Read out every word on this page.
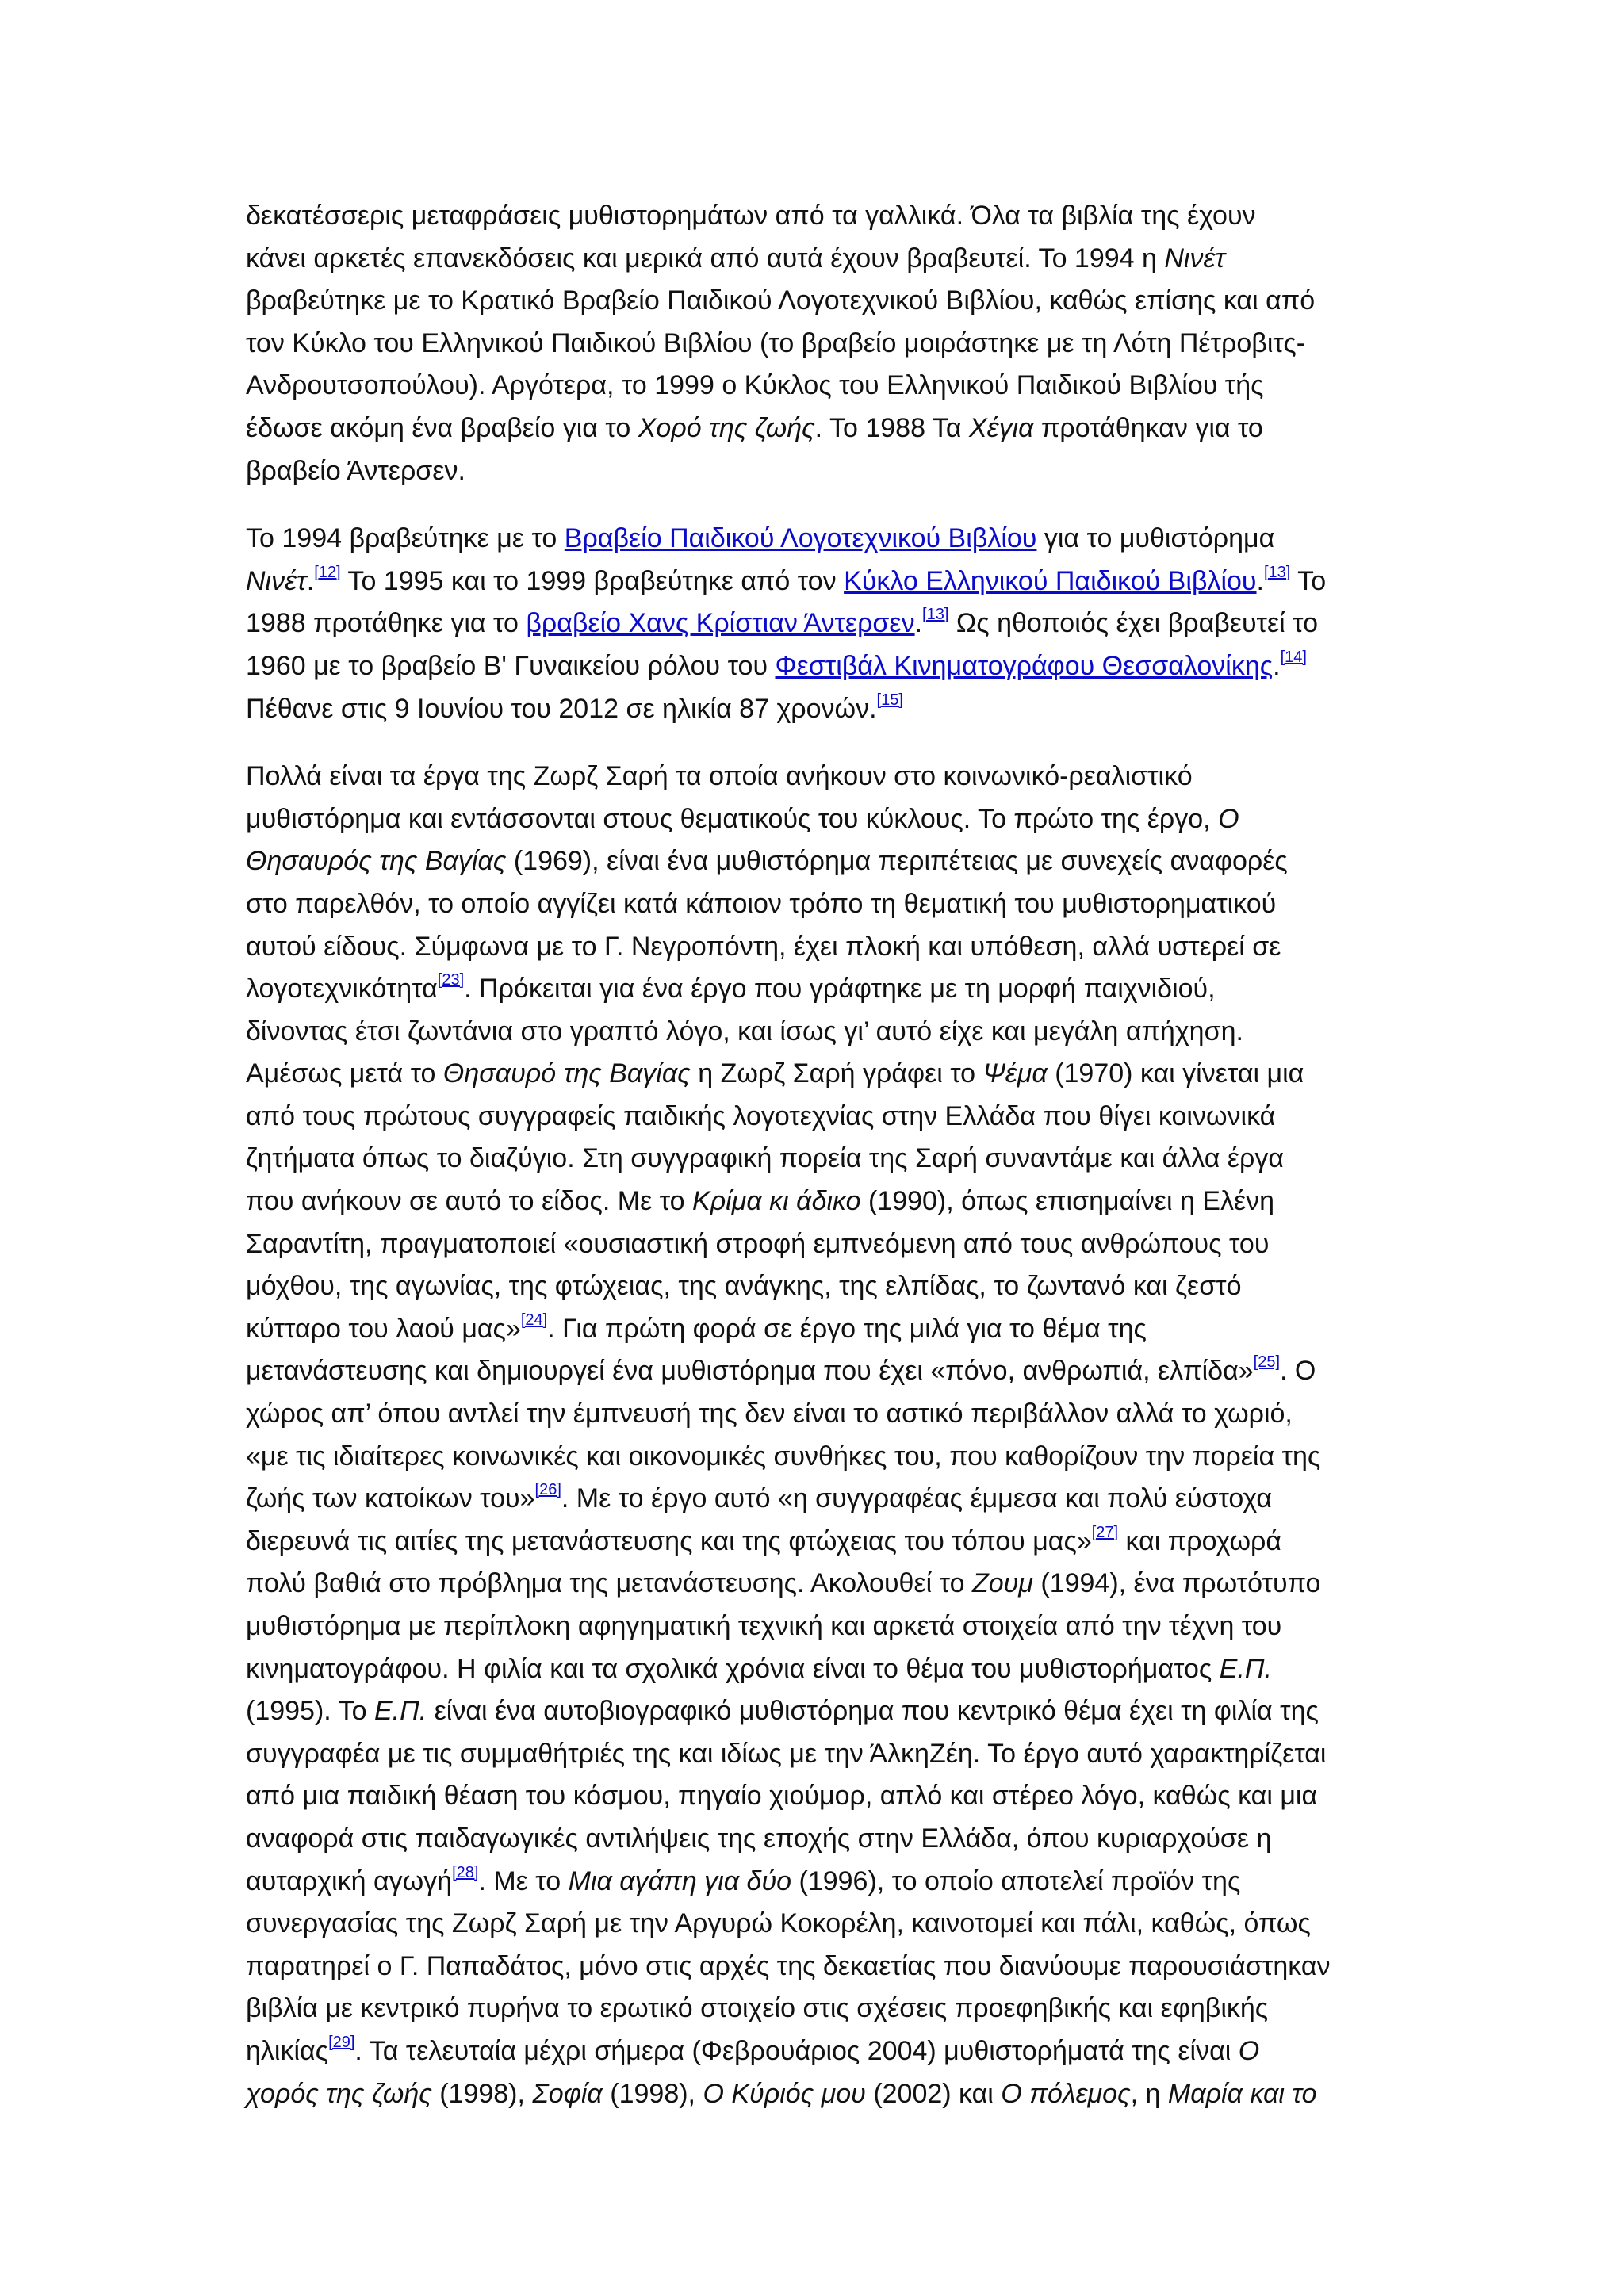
δεκατέσσερις μεταφράσεις μυθιστορημάτων από τα γαλλικά. Όλα τα βιβλία της έχουν
κάνει αρκετές επανεκδόσεις και μερικά από αυτά έχουν βραβευτεί. Το 1994 η Νινέτ
βραβεύτηκε με το Κρατικό Βραβείο Παιδικού Λογοτεχνικού Βιβλίου, καθώς επίσης και από
τον Κύκλο του Ελληνικού Παιδικού Βιβλίου (το βραβείο μοιράστηκε με τη Λότη Πέτροβιτς-
Ανδρουτσοπούλου). Αργότερα, το 1999 ο Κύκλος του Ελληνικού Παιδικού Βιβλίου τής
έδωσε ακόμη ένα βραβείο για το Χορό της ζωής. Το 1988 Τα Χέγια προτάθηκαν για το
βραβείο Άντερσεν.
Το 1994 βραβεύτηκε με το Βραβείο Παιδικού Λογοτεχνικού Βιβλίου για το μυθιστόρημα
Νινέτ.[12] Το 1995 και το 1999 βραβεύτηκε από τον Κύκλο Ελληνικού Παιδικού Βιβλίου.[13] Το
1988 προτάθηκε για το βραβείο Χανς Κρίστιαν Άντερσεν.[13] Ως ηθοποιός έχει βραβευτεί το
1960 με το βραβείο Β' Γυναικείου ρόλου του Φεστιβάλ Κινηματογράφου Θεσσαλονίκης.[14]
Πέθανε στις 9 Ιουνίου του 2012 σε ηλικία 87 χρονών.[15]
Πολλά είναι τα έργα της Ζωρζ Σαρή τα οποία ανήκουν στο κοινωνικό-ρεαλιστικό
μυθιστόρημα και εντάσσονται στους θεματικούς του κύκλους. Το πρώτο της έργο, Ο
Θησαυρός της Βαγίας (1969), είναι ένα μυθιστόρημα περιπέτειας με συνεχείς αναφορές
στο παρελθόν, το οποίο αγγίζει κατά κάποιον τρόπο τη θεματική του μυθιστορηματικού
αυτού είδους. Σύμφωνα με το Γ. Νεγροπόντη, έχει πλοκή και υπόθεση, αλλά υστερεί σε
λογοτεχνικότητα[23]. Πρόκειται για ένα έργο που γράφτηκε με τη μορφή παιχνιδιού,
δίνοντας έτσι ζωντάνια στο γραπτό λόγο, και ίσως γι’ αυτό είχε και μεγάλη απήχηση.
Αμέσως μετά το Θησαυρό της Βαγίας η Ζωρζ Σαρή γράφει το Ψέμα (1970) και γίνεται μια
από τους πρώτους συγγραφείς παιδικής λογοτεχνίας στην Ελλάδα που θίγει κοινωνικά
ζητήματα όπως το διαζύγιο. Στη συγγραφική πορεία της Σαρή συναντάμε και άλλα έργα
που ανήκουν σε αυτό το είδος. Με το Κρίμα κι άδικο (1990), όπως επισημαίνει η Ελένη
Σαραντίτη, πραγματοποιεί «ουσιαστική στροφή εμπνεόμενη από τους ανθρώπους του
μόχθου, της αγωνίας, της φτώχειας, της ανάγκης, της ελπίδας, το ζωντανό και ζεστό
κύτταρο του λαού μας»[24]. Για πρώτη φορά σε έργο της μιλά για το θέμα της
μετανάστευσης και δημιουργεί ένα μυθιστόρημα που έχει «πόνο, ανθρωπιά, ελπίδα»[25]. Ο
χώρος απ’ όπου αντλεί την έμπνευσή της δεν είναι το αστικό περιβάλλον αλλά το χωριό,
«με τις ιδιαίτερες κοινωνικές και οικονομικές συνθήκες του, που καθορίζουν την πορεία της
ζωής των κατοίκων του»[26]. Με το έργο αυτό «η συγγραφέας έμμεσα και πολύ εύστοχα
διερευνά τις αιτίες της μετανάστευσης και της φτώχειας του τόπου μας»[27] και προχωρά
πολύ βαθιά στο πρόβλημα της μετανάστευσης. Ακολουθεί το Ζουμ (1994), ένα πρωτότυπο
μυθιστόρημα με περίπλοκη αφηγηματική τεχνική και αρκετά στοιχεία από την τέχνη του
κινηματογράφου. Η φιλία και τα σχολικά χρόνια είναι το θέμα του μυθιστορήματος Ε.Π.
(1995). Το Ε.Π. είναι ένα αυτοβιογραφικό μυθιστόρημα που κεντρικό θέμα έχει τη φιλία της
συγγραφέα με τις συμμαθήτριές της και ιδίως με την ΆλκηΖέη. Το έργο αυτό χαρακτηρίζεται
από μια παιδική θέαση του κόσμου, πηγαίο χιούμορ, απλό και στέρεο λόγο, καθώς και μια
αναφορά στις παιδαγωγικές αντιλήψεις της εποχής στην Ελλάδα, όπου κυριαρχούσε η
αυταρχική αγωγή[28]. Με το Μια αγάπη για δύο (1996), το οποίο αποτελεί προϊόν της
συνεργασίας της Ζωρζ Σαρή με την Αργυρώ Κοκορέλη, καινοτομεί και πάλι, καθώς, όπως
παρατηρεί ο Γ. Παπαδάτος, μόνο στις αρχές της δεκαετίας που διανύουμε παρουσιάστηκαν
βιβλία με κεντρικό πυρήνα το ερωτικό στοιχείο στις σχέσεις προεφηβικής και εφηβικής
ηλικίας[29]. Τα τελευταία μέχρι σήμερα (Φεβρουάριος 2004) μυθιστορήματά της είναι Ο
χορός της ζωής (1998), Σοφία (1998), Ο Κύριός μου (2002) και Ο πόλεμος, η Μαρία και το
